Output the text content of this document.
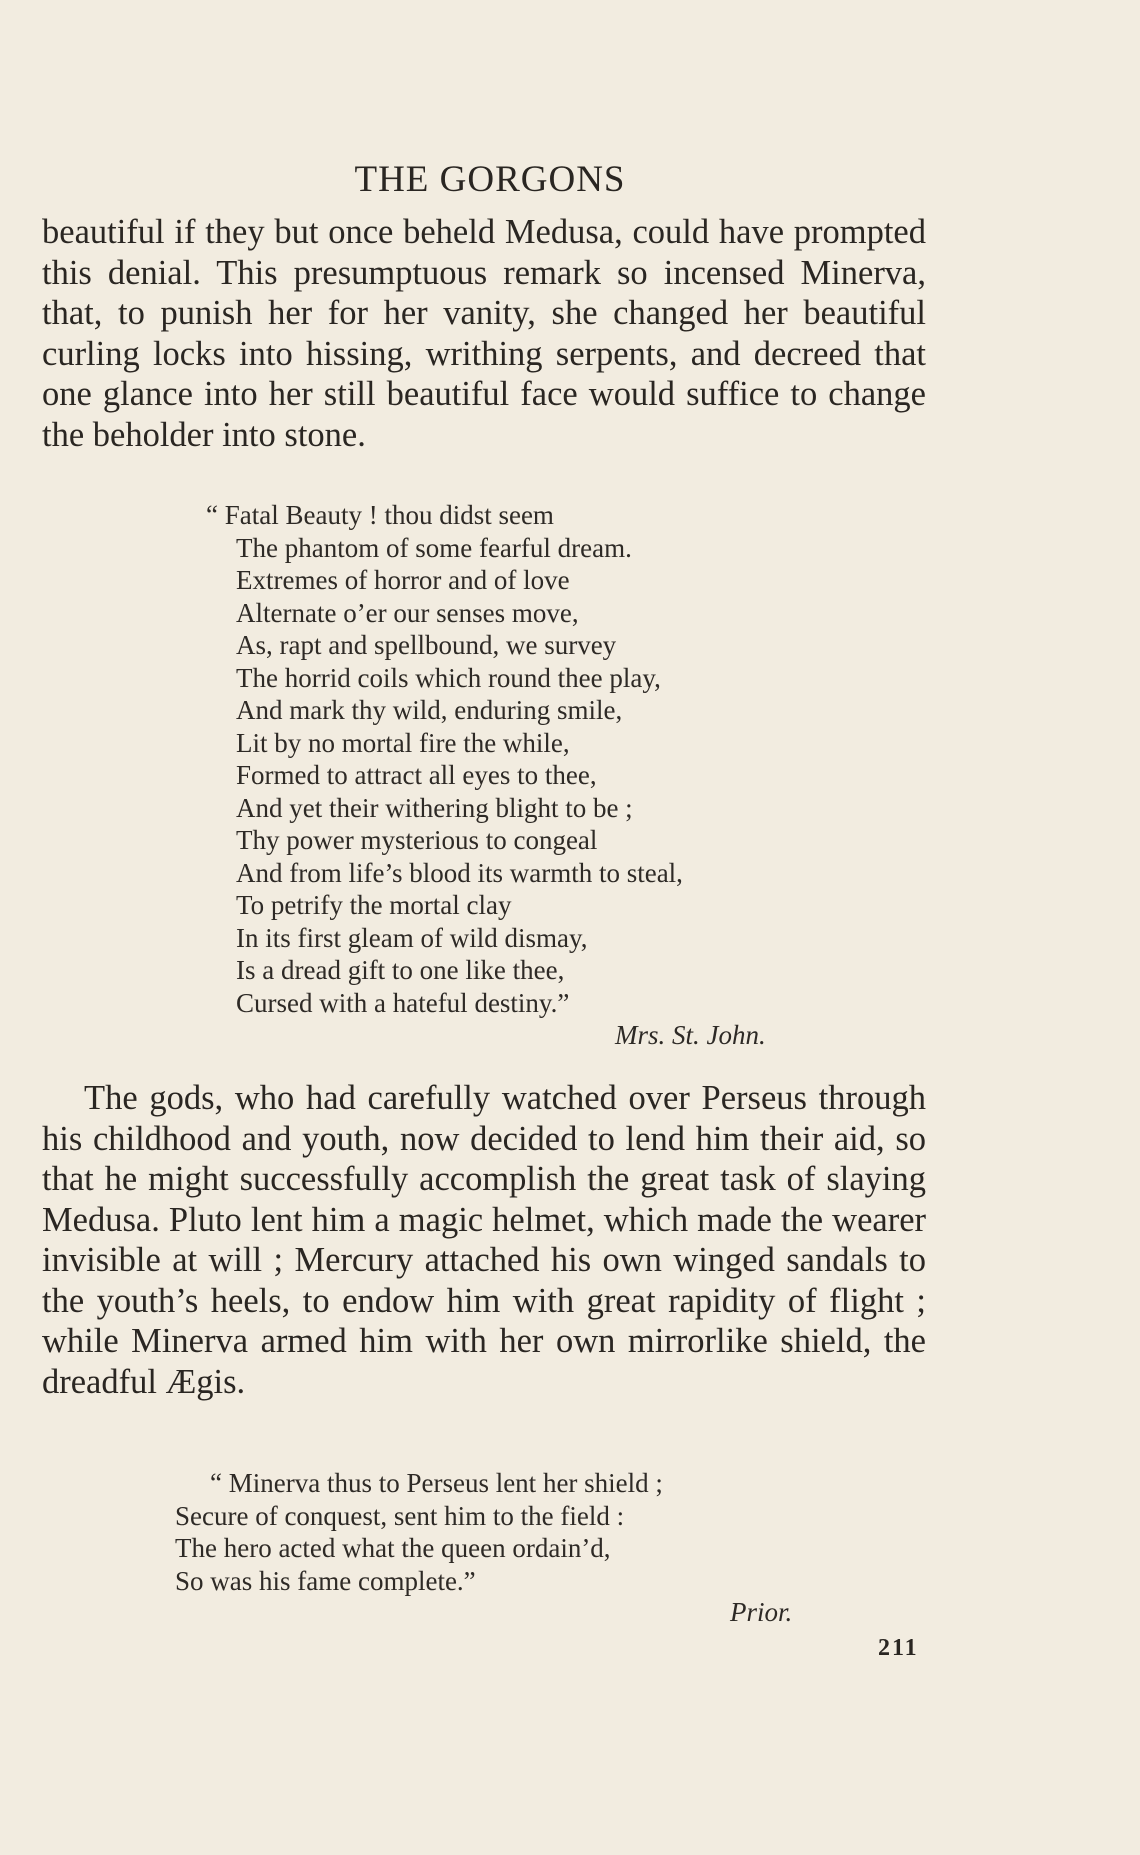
THE GORGONS

beautiful if they but once beheld Medusa, could have prompted this denial. This presumptuous remark so incensed Minerva, that, to punish her for her vanity, she changed her beautiful curling locks into hissing, writhing serpents, and decreed that one glance into her still beautiful face would suffice to change the beholder into stone.

“ Fatal Beauty ! thou didst seem
The phantom of some fearful dream.
Extremes of horror and of love
Alternate o’er our senses move,
As, rapt and spellbound, we survey
The horrid coils which round thee play,
And mark thy wild, enduring smile,
Lit by no mortal fire the while,
Formed to attract all eyes to thee,
And yet their withering blight to be ;
Thy power mysterious to congeal
And from life’s blood its warmth to steal,
To petrify the mortal clay
In its first gleam of wild dismay,
Is a dread gift to one like thee,
Cursed with a hateful destiny.”
Mrs. St. John.

The gods, who had carefully watched over Perseus through his childhood and youth, now decided to lend him their aid, so that he might successfully accomplish the great task of slaying Medusa. Pluto lent him a magic helmet, which made the wearer invisible at will ; Mercury attached his own winged sandals to the youth’s heels, to endow him with great rapidity of flight ; while Minerva armed him with her own mirrorlike shield, the dreadful Ægis.

“ Minerva thus to Perseus lent her shield ;
Secure of conquest, sent him to the field :
The hero acted what the queen ordain’d,
So was his fame complete.”
Prior.
211
